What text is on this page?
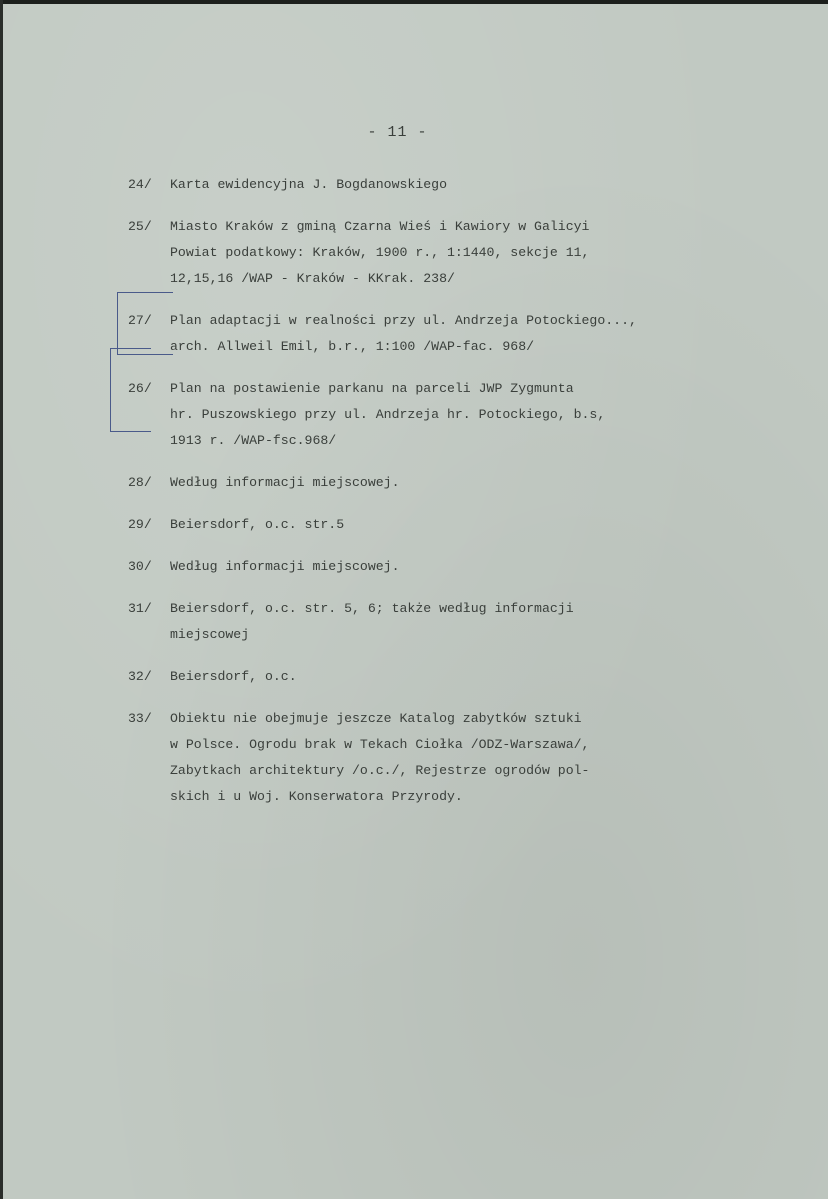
- 11 -
24/	Karta ewidencyjna J. Bogdanowskiego
25/	Miasto Kraków z gminą Czarna Wieś i Kawiory w Galicyi
Powiat podatkowy: Kraków, 1900 r., 1:1440, sekcje 11,
12,15,16 /WAP - Kraków - KKrak. 238/
27/	Plan adaptacji w realności przy ul. Andrzeja Potockiego...,
arch. Allweil Emil, b.r., 1:100 /WAP-fac. 968/
26/	Plan na postawienie parkanu na parceli JWP Zygmunta
hr. Puszowskiego przy ul. Andrzeja hr. Potockiego, b.s,
1913 r. /WAP-fsc.968/
28/	Według informacji miejscowej.
29/	Beiersdorf, o.c. str.5
30/	Według informacji miejscowej.
31/	Beiersdorf, o.c. str. 5, 6; także według informacji
miejscowej
32/	Beiersdorf, o.c.
33/	Obiektu nie obejmuje jeszcze Katalog zabytków sztuki
w Polsce. Ogrodu brak w Tekach Ciołka /ODZ-Warszawa/,
Zabytkach architektury /o.c./, Rejestrze ogrodów pol-
skich i u Woj. Konserwatora Przyrody.
